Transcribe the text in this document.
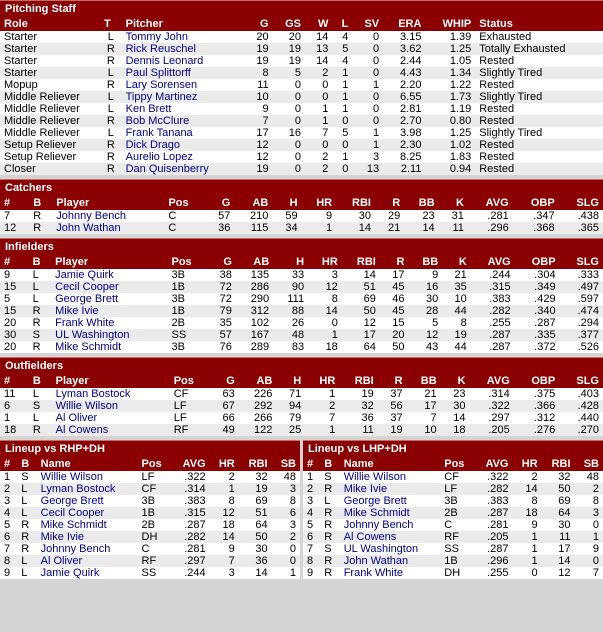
Pitching Staff
Role	T	Pitcher	G	GS	W	L	SV	ERA	WHIP	Status
Starter	L	Tommy John	20	20	14	4	0	3.15	1.39	Exhausted
Starter	R	Rick Reuschel	19	19	13	5	0	3.62	1.25	Totally Exhausted
Starter	R	Dennis Leonard	19	19	14	4	0	2.44	1.05	Rested
Starter	L	Paul Splittorff	8	5	2	1	0	4.43	1.34	Slightly Tired
Mopup	R	Lary Sorensen	11	0	0	1	1	2.20	1.22	Rested
Middle Reliever	L	Tippy Martinez	10	0	0	1	0	6.55	1.73	Slightly Tired
Middle Reliever	L	Ken Brett	9	0	1	1	0	2.81	1.19	Rested
Middle Reliever	R	Bob McClure	7	0	1	0	0	2.70	0.80	Rested
Middle Reliever	L	Frank Tanana	17	16	7	5	1	3.98	1.25	Slightly Tired
Setup Reliever	R	Dick Drago	12	0	0	0	1	2.30	1.02	Rested
Setup Reliever	R	Aurelio Lopez	12	0	2	1	3	8.25	1.83	Rested
Closer	R	Dan Quisenberry	19	0	2	0	13	2.11	0.94	Rested
Catchers
#	B	Player	Pos	G	AB	H	HR	RBI	R	BB	K	AVG	OBP	SLG
7	R	Johnny Bench	C	57	210	59	9	30	29	23	31	.281	.347	.438
12	R	John Wathan	C	36	115	34	1	14	21	14	11	.296	.368	.365
Infielders
#	B	Player	Pos	G	AB	H	HR	RBI	R	BB	K	AVG	OBP	SLG
9	L	Jamie Quirk	3B	38	135	33	3	14	17	9	21	.244	.304	.333
15	L	Cecil Cooper	1B	72	286	90	12	51	45	16	35	.315	.349	.497
5	L	George Brett	3B	72	290	111	8	69	46	30	10	.383	.429	.597
15	R	Mike Ivie	1B	79	312	88	14	50	45	28	44	.282	.340	.474
20	R	Frank White	2B	35	102	26	0	12	15	5	8	.255	.287	.294
30	S	UL Washington	SS	57	167	48	1	17	20	12	19	.287	.335	.377
20	R	Mike Schmidt	3B	76	289	83	18	64	50	43	44	.287	.372	.526
Outfielders
#	B	Player	Pos	G	AB	H	HR	RBI	R	BB	K	AVG	OBP	SLG
11	L	Lyman Bostock	CF	63	226	71	1	19	37	21	23	.314	.375	.403
6	S	Willie Wilson	LF	67	292	94	2	32	56	17	30	.322	.366	.428
1	L	Al Oliver	LF	66	266	79	7	36	37	7	14	.297	.312	.440
18	R	Al Cowens	RF	49	122	25	1	11	19	10	18	.205	.276	.270
Lineup vs RHP+DH
#	B	Name	Pos	AVG	HR	RBI	SB
1	S	Willie Wilson	LF	.322	2	32	48
2	L	Lyman Bostock	CF	.314	1	19	3
3	L	George Brett	3B	.383	8	69	8
4	L	Cecil Cooper	1B	.315	12	51	6
5	R	Mike Schmidt	2B	.287	18	64	3
6	R	Mike Ivie	DH	.282	14	50	2
7	R	Johnny Bench	C	.281	9	30	0
8	L	Al Oliver	RF	.297	7	36	0
9	L	Jamie Quirk	SS	.244	3	14	1
Lineup vs LHP+DH
#	B	Name	Pos	AVG	HR	RBI	SB
1	S	Willie Wilson	CF	.322	2	32	48
2	R	Mike Ivie	LF	.282	14	50	2
3	L	George Brett	3B	.383	8	69	8
4	R	Mike Schmidt	2B	.287	18	64	3
5	R	Johnny Bench	C	.281	9	30	0
6	R	Al Cowens	RF	.205	1	11	1
7	S	UL Washington	SS	.287	1	17	9
8	R	John Wathan	1B	.296	1	14	0
9	R	Frank White	DH	.255	0	12	7
